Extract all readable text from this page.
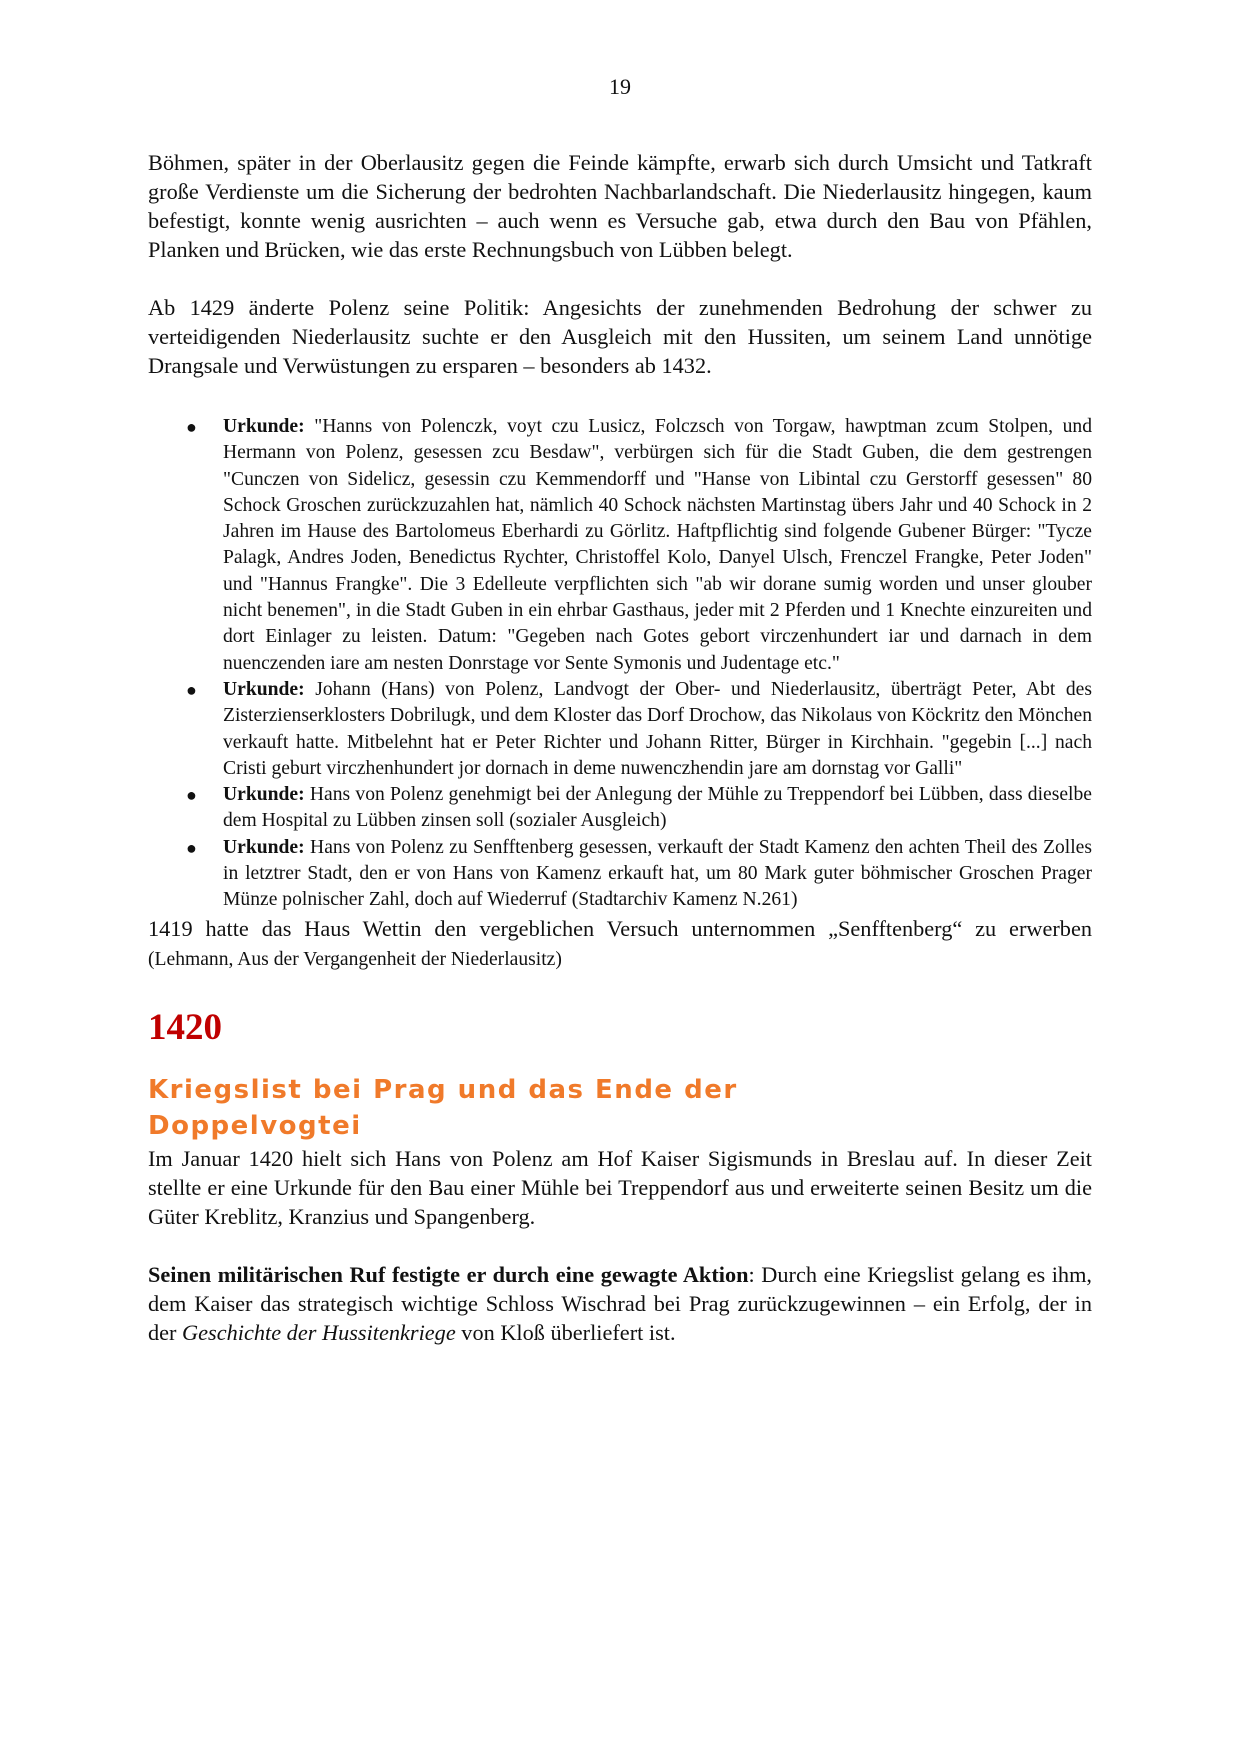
19

Böhmen, später in der Oberlausitz gegen die Feinde kämpfte, erwarb sich durch Umsicht und Tatkraft große Verdienste um die Sicherung der bedrohten Nachbarlandschaft. Die Niederlausitz hingegen, kaum befestigt, konnte wenig ausrichten – auch wenn es Versuche gab, etwa durch den Bau von Pfählen, Planken und Brücken, wie das erste Rechnungsbuch von Lübben belegt.

Ab 1429 änderte Polenz seine Politik: Angesichts der zunehmenden Bedrohung der schwer zu verteidigenden Niederlausitz suchte er den Ausgleich mit den Hussiten, um seinem Land unnötige Drangsale und Verwüstungen zu ersparen – besonders ab 1432.

● Urkunde: "Hanns von Polenczk, voyt czu Lusicz, Folczsch von Torgaw, hawptman zcum Stolpen, und Hermann von Polenz, gesessen zcu Besdaw", verbürgen sich für die Stadt Guben, die dem gestrengen "Cunczen von Sidelicz, gesessin czu Kemmendorff und "Hanse von Libintal czu Gerstorff gesessen" 80 Schock Groschen zurückzuzahlen hat, nämlich 40 Schock nächsten Martinstag übers Jahr und 40 Schock in 2 Jahren im Hause des Bartolomeus Eberhardi zu Görlitz. Haftpflichtig sind folgende Gubener Bürger: "Tycze Palagk, Andres Joden, Benedictus Rychter, Christoffel Kolo, Danyel Ulsch, Frenczel Frangke, Peter Joden" und "Hannus Frangke". Die 3 Edelleute verpflichten sich "ab wir dorane sumig worden und unser glouber nicht benemen", in die Stadt Guben in ein ehrbar Gasthaus, jeder mit 2 Pferden und 1 Knechte einzureiten und dort Einlager zu leisten. Datum: "Gegeben nach Gotes gebort virczenhundert iar und darnach in dem nuenczenden iare am nesten Donrstage vor Sente Symonis und Judentage etc."
● Urkunde: Johann (Hans) von Polenz, Landvogt der Ober- und Niederlausitz, überträgt Peter, Abt des Zisterzienserklosters Dobrilugk, und dem Kloster das Dorf Drochow, das Nikolaus von Köckritz den Mönchen verkauft hatte. Mitbelehnt hat er Peter Richter und Johann Ritter, Bürger in Kirchhain. "gegebin [...] nach Cristi geburt virczhenhundert jor dornach in deme nuwenczhendin jare am dornstag vor Galli"
● Urkunde: Hans von Polenz genehmigt bei der Anlegung der Mühle zu Treppendorf bei Lübben, dass dieselbe dem Hospital zu Lübben zinsen soll (sozialer Ausgleich)
● Urkunde: Hans von Polenz zu Senfftenberg gesessen, verkauft der Stadt Kamenz den achten Theil des Zolles in letztrer Stadt, den er von Hans von Kamenz erkauft hat, um 80 Mark guter böhmischer Groschen Prager Münze polnischer Zahl, doch auf Wiederruf (Stadtarchiv Kamenz N.261)

1419 hatte das Haus Wettin den vergeblichen Versuch unternommen „Senfftenberg“ zu erwerben (Lehmann, Aus der Vergangenheit der Niederlausitz)

1420
Kriegslist bei Prag und das Ende der Doppelvogtei

Im Januar 1420 hielt sich Hans von Polenz am Hof Kaiser Sigismunds in Breslau auf. In dieser Zeit stellte er eine Urkunde für den Bau einer Mühle bei Treppendorf aus und erweiterte seinen Besitz um die Güter Kreblitz, Kranzius und Spangenberg.

Seinen militärischen Ruf festigte er durch eine gewagte Aktion: Durch eine Kriegslist gelang es ihm, dem Kaiser das strategisch wichtige Schloss Wischrad bei Prag zurückzugewinnen – ein Erfolg, der in der Geschichte der Hussitenkriege von Kloß überliefert ist.
